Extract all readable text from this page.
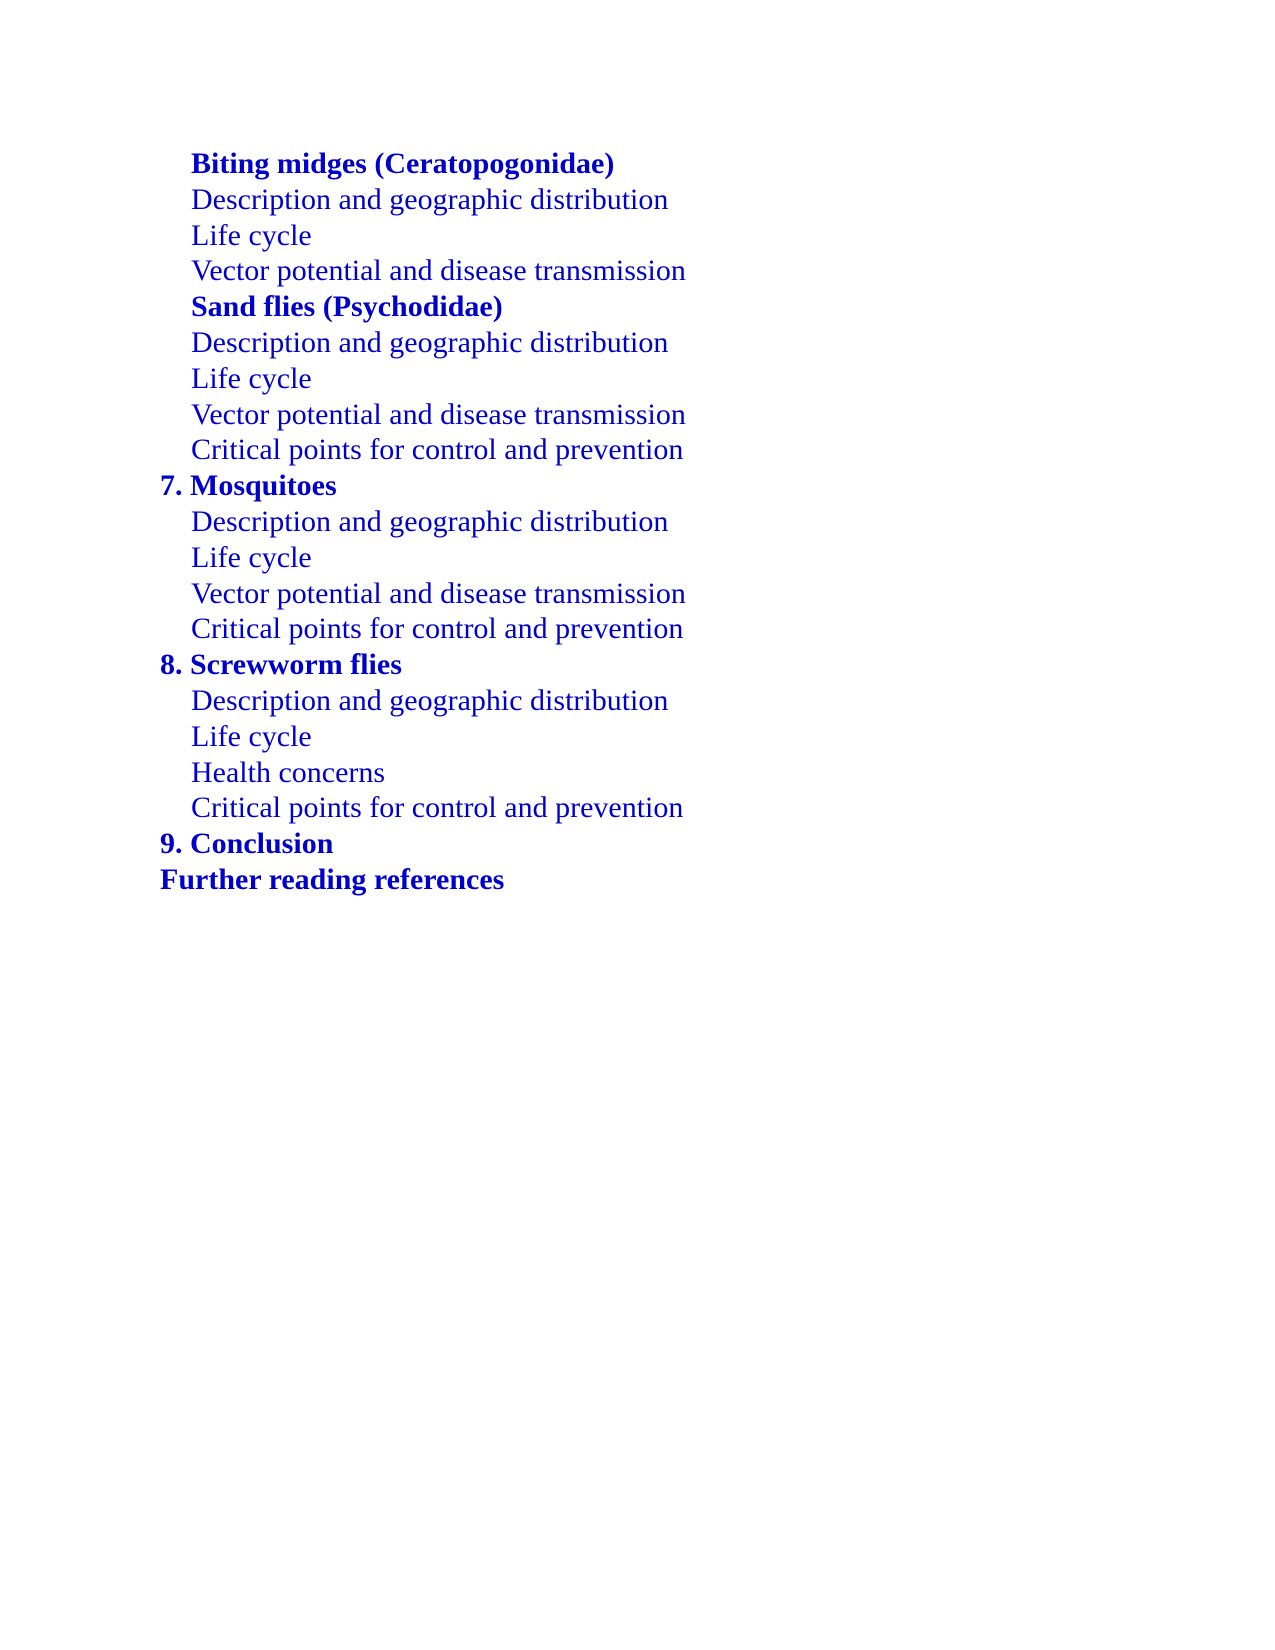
Biting midges (Ceratopogonidae)
Description and geographic distribution
Life cycle
Vector potential and disease transmission
Sand flies (Psychodidae)
Description and geographic distribution
Life cycle
Vector potential and disease transmission
Critical points for control and prevention
7. Mosquitoes
Description and geographic distribution
Life cycle
Vector potential and disease transmission
Critical points for control and prevention
8. Screwworm flies
Description and geographic distribution
Life cycle
Health concerns
Critical points for control and prevention
9. Conclusion
Further reading references
